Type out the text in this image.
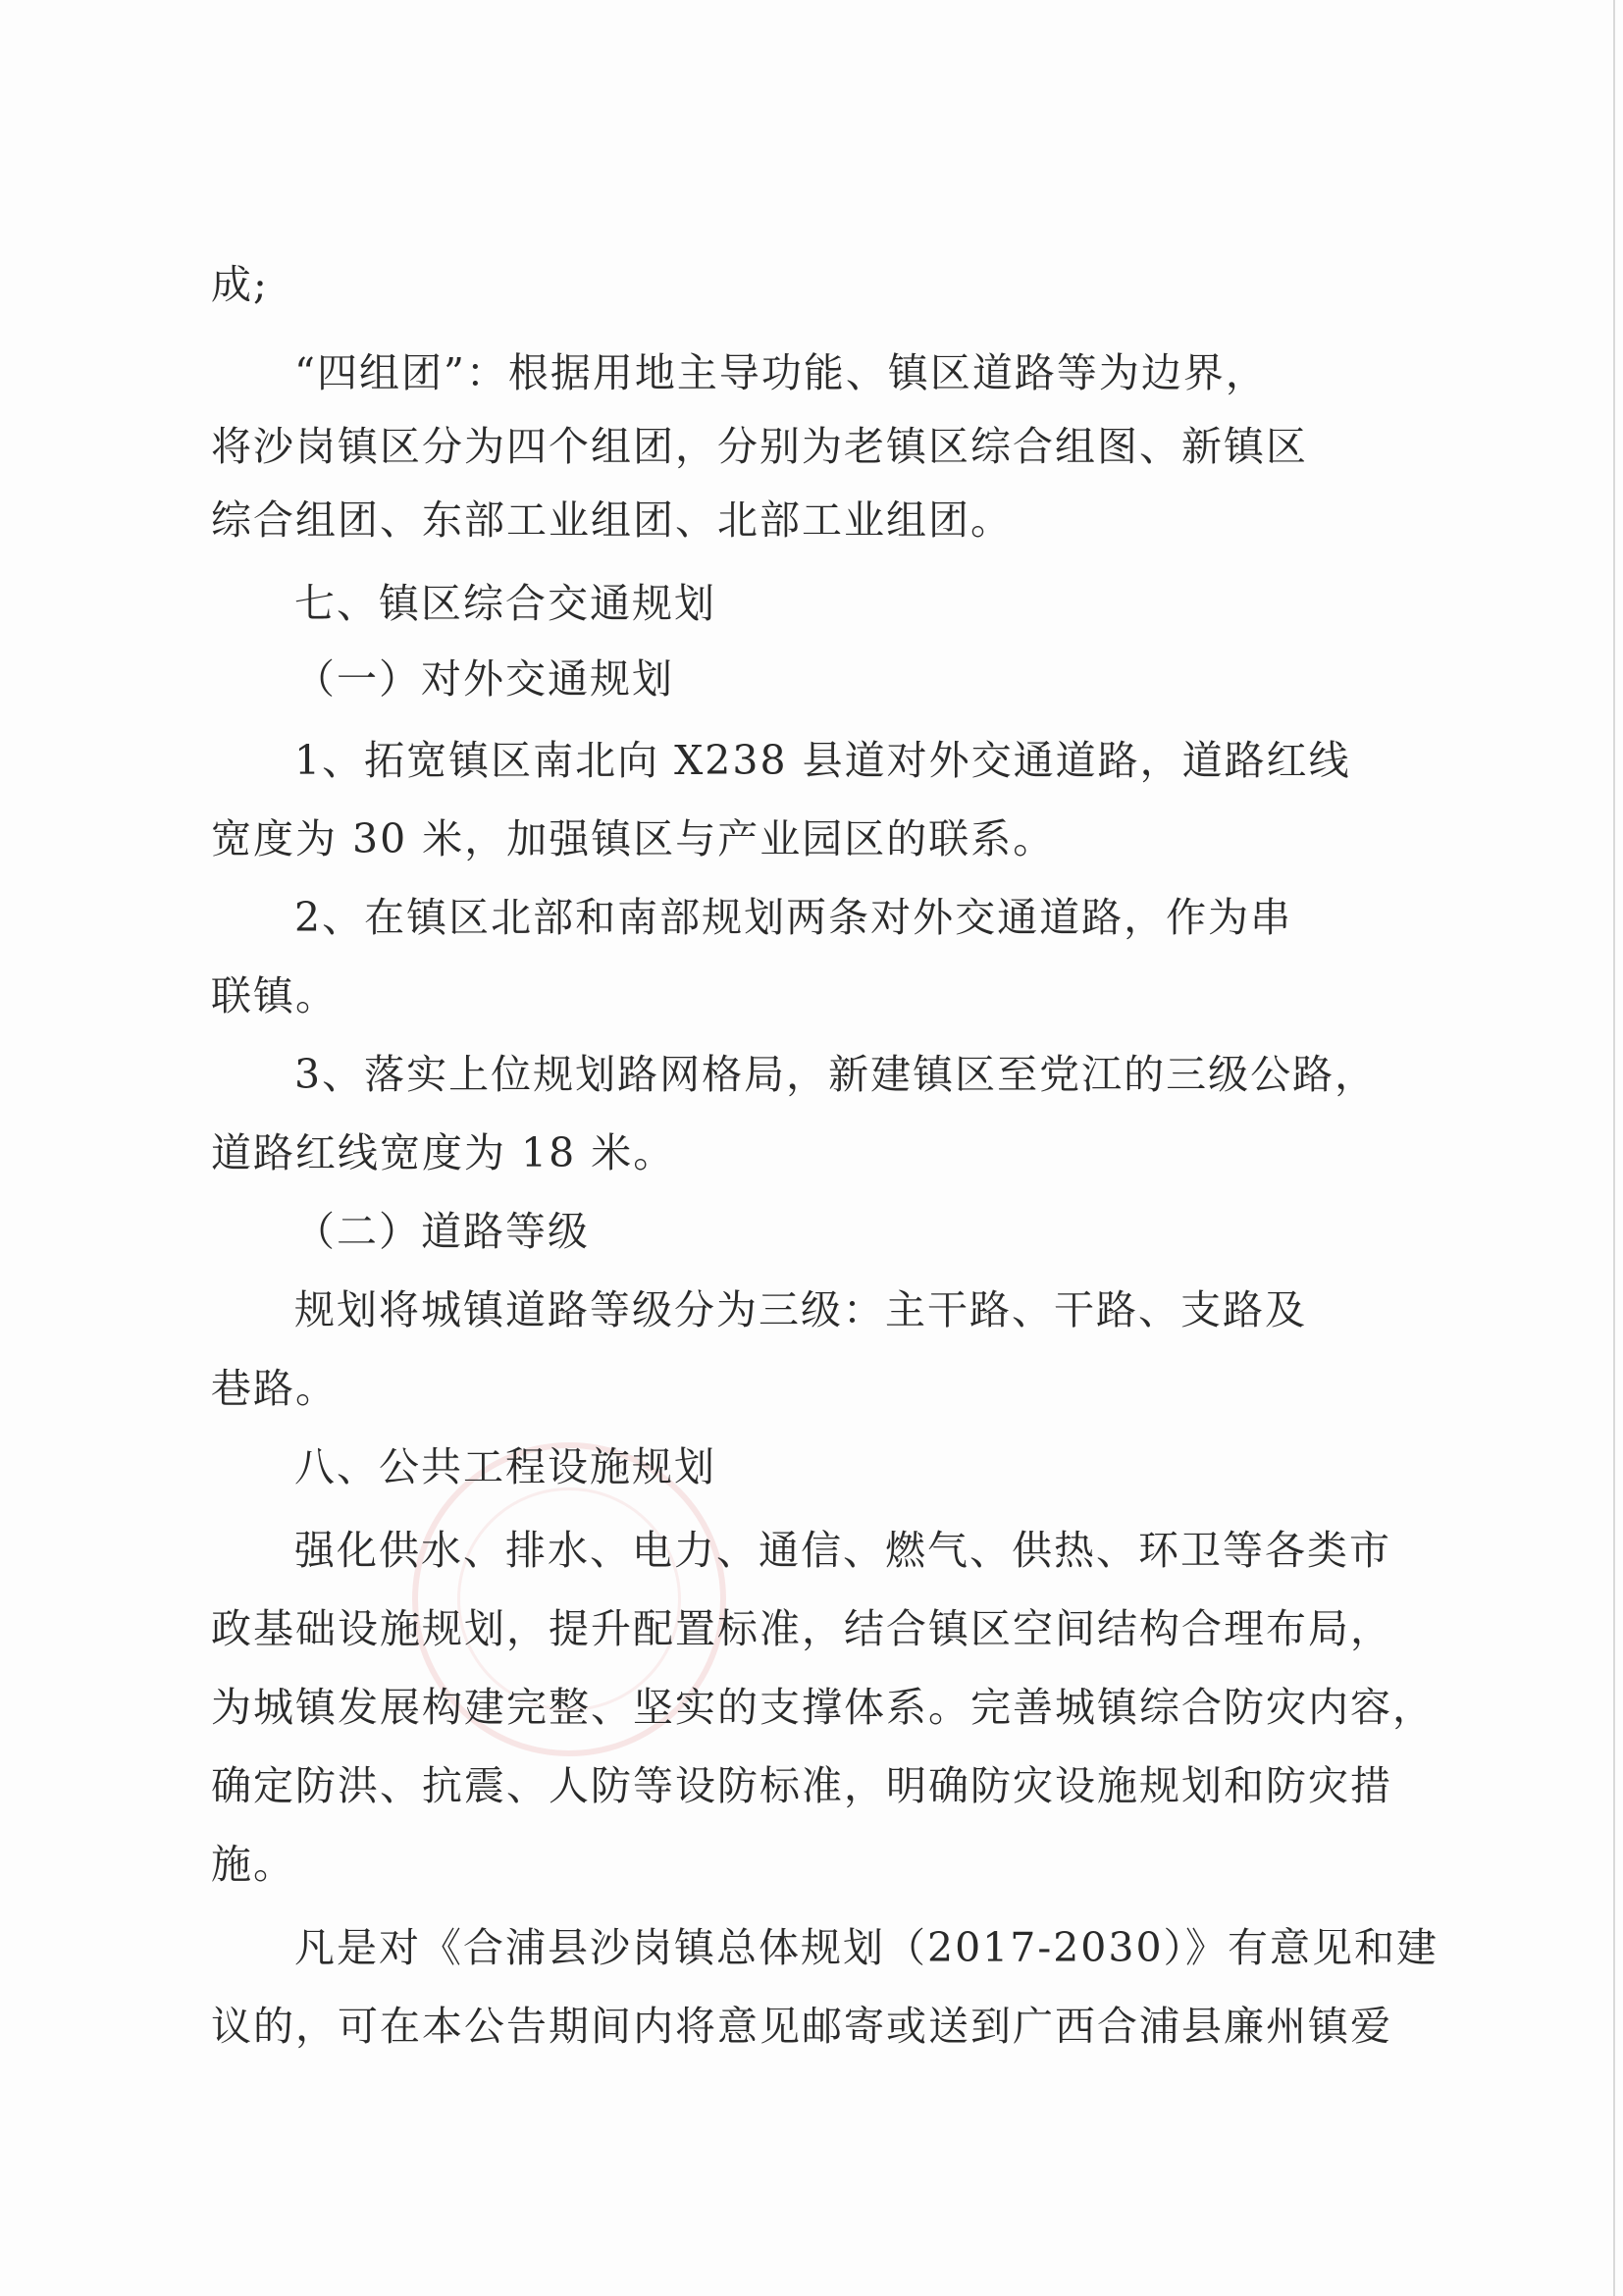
成;
“四组团”：根据用地主导功能、镇区道路等为边界，
将沙岗镇区分为四个组团，分别为老镇区综合组图、新镇区
综合组团、东部工业组团、北部工业组团。
七、镇区综合交通规划
（一）对外交通规划
1、拓宽镇区南北向 X238 县道对外交通道路，道路红线
宽度为 30 米，加强镇区与产业园区的联系。
2、在镇区北部和南部规划两条对外交通道路，作为串
联镇。
3、落实上位规划路网格局，新建镇区至党江的三级公路，
道路红线宽度为 18 米。
（二）道路等级
规划将城镇道路等级分为三级：主干路、干路、支路及
巷路。
八、公共工程设施规划
强化供水、排水、电力、通信、燃气、供热、环卫等各类市
政基础设施规划，提升配置标准，结合镇区空间结构合理布局，
为城镇发展构建完整、坚实的支撑体系。完善城镇综合防灾内容，
确定防洪、抗震、人防等设防标准，明确防灾设施规划和防灾措
施。
凡是对《合浦县沙岗镇总体规划（2017-2030）》有意见和建
议的，可在本公告期间内将意见邮寄或送到广西合浦县廉州镇爱
